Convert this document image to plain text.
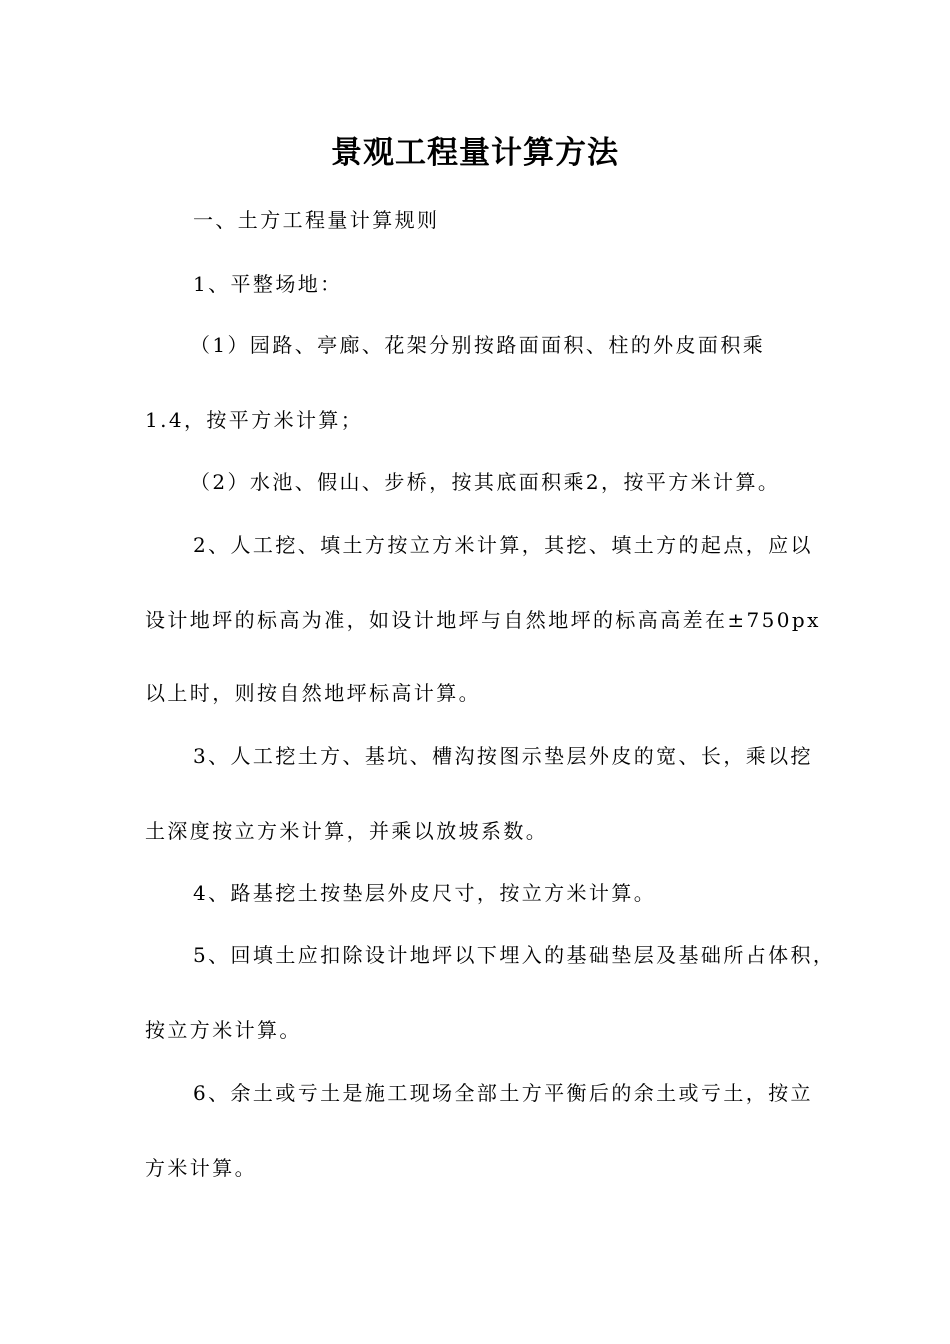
景观工程量计算方法
一、土方工程量计算规则
1、平整场地：
（1）园路、亭廊、花架分别按路面面积、柱的外皮面积乘
1.4，按平方米计算；
（2）水池、假山、步桥，按其底面积乘2，按平方米计算。
2、人工挖、填土方按立方米计算，其挖、填土方的起点，应以
设计地坪的标高为准，如设计地坪与自然地坪的标高高差在±750px
以上时，则按自然地坪标高计算。
3、人工挖土方、基坑、槽沟按图示垫层外皮的宽、长，乘以挖
土深度按立方米计算，并乘以放坡系数。
4、路基挖土按垫层外皮尺寸，按立方米计算。
5、回填土应扣除设计地坪以下埋入的基础垫层及基础所占体积，
按立方米计算。
6、余土或亏土是施工现场全部土方平衡后的余土或亏土，按立
方米计算。
